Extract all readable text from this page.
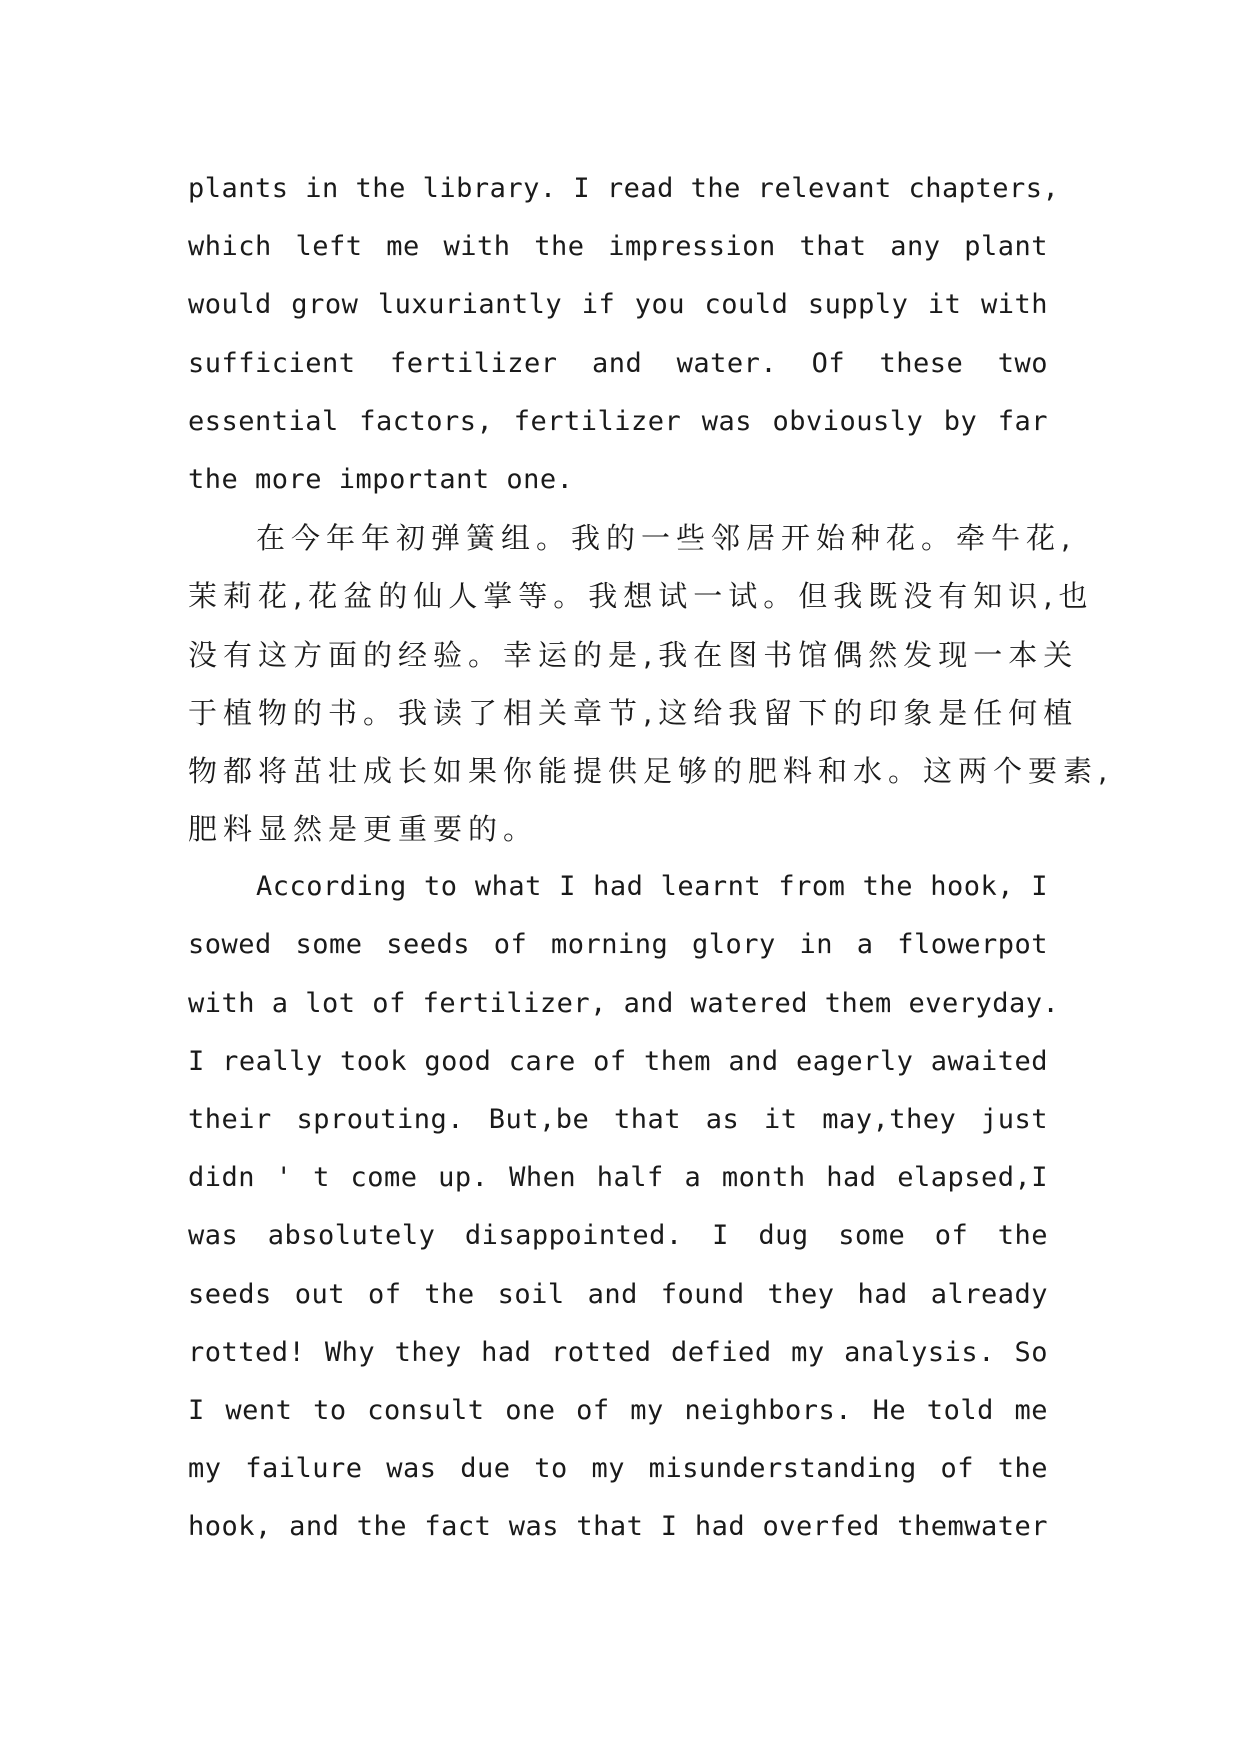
plants in the library. I read the relevant chapters,
which left me with the impression that any plant
would grow luxuriantly if you could supply it with
sufficient fertilizer and water. Of these two
essential factors, fertilizer was obviously by far
the more important one.
在今年年初弹簧组。我的一些邻居开始种花。牵牛花,
茉莉花,花盆的仙人掌等。我想试一试。但我既没有知识,也
没有这方面的经验。幸运的是,我在图书馆偶然发现一本关
于植物的书。我读了相关章节,这给我留下的印象是任何植
物都将茁壮成长如果你能提供足够的肥料和水。这两个要素,
肥料显然是更重要的。
According to what I had learnt from the hook, I
sowed some seeds of morning glory in a flowerpot
with a lot of fertilizer, and watered them everyday.
I really took good care of them and eagerly awaited
their sprouting. But,be that as it may,they just
didn ' t come up. When half a month had elapsed,I
was absolutely disappointed. I dug some of the
seeds out of the soil and found they had already
rotted! Why they had rotted defied my analysis. So
I went to consult one of my neighbors. He told me
my failure was due to my misunderstanding of the
hook, and the fact was that I had overfed themwater
